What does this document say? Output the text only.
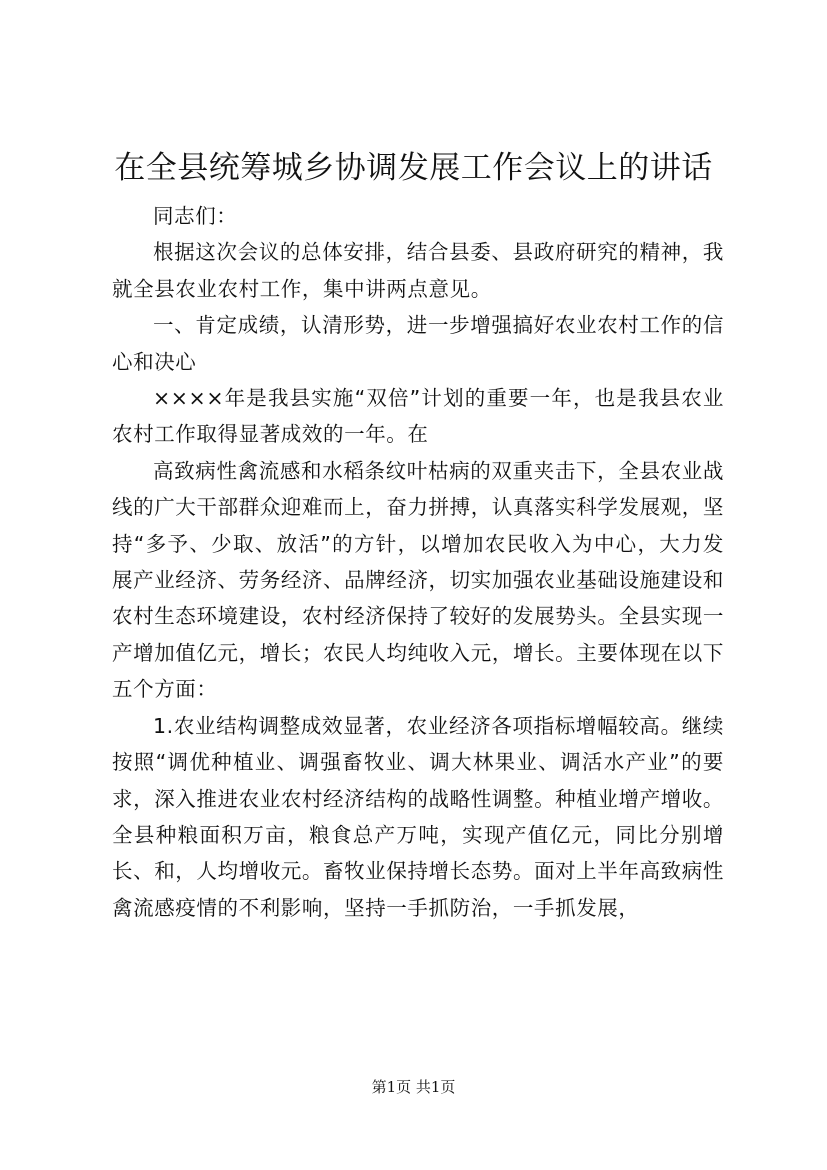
在全县统筹城乡协调发展工作会议上的讲话

同志们：

根据这次会议的总体安排，结合县委、县政府研究的精神，我就全县农业农村工作，集中讲两点意见。

一、肯定成绩，认清形势，进一步增强搞好农业农村工作的信心和决心

××××年是我县实施“双倍”计划的重要一年，也是我县农业农村工作取得显著成效的一年。在

高致病性禽流感和水稻条纹叶枯病的双重夹击下，全县农业战线的广大干部群众迎难而上，奋力拼搏，认真落实科学发展观，坚持“多予、少取、放活”的方针，以增加农民收入为中心，大力发展产业经济、劳务经济、品牌经济，切实加强农业基础设施建设和农村生态环境建设，农村经济保持了较好的发展势头。全县实现一产增加值亿元，增长；农民人均纯收入元，增长。主要体现在以下五个方面：

1.农业结构调整成效显著，农业经济各项指标增幅较高。继续按照“调优种植业、调强畜牧业、调大林果业、调活水产业”的要求，深入推进农业农村经济结构的战略性调整。种植业增产增收。全县种粮面积万亩，粮食总产万吨，实现产值亿元，同比分别增长、和，人均增收元。畜牧业保持增长态势。面对上半年高致病性禽流感疫情的不利影响，坚持一手抓防治，一手抓发展，

第1页 共1页
